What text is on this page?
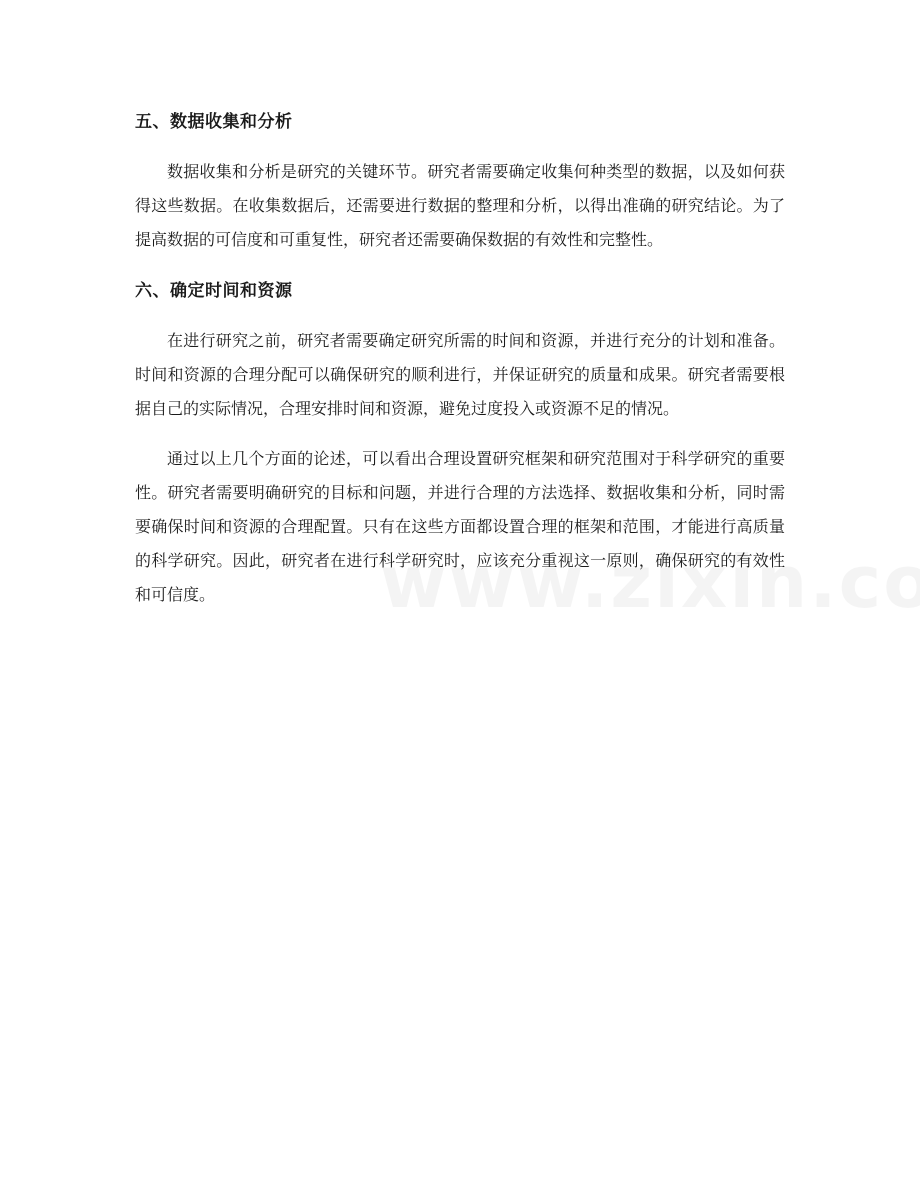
五、数据收集和分析

数据收集和分析是研究的关键环节。研究者需要确定收集何种类型的数据，以及如何获得这些数据。在收集数据后，还需要进行数据的整理和分析，以得出准确的研究结论。为了提高数据的可信度和可重复性，研究者还需要确保数据的有效性和完整性。

六、确定时间和资源

在进行研究之前，研究者需要确定研究所需的时间和资源，并进行充分的计划和准备。时间和资源的合理分配可以确保研究的顺利进行，并保证研究的质量和成果。研究者需要根据自己的实际情况，合理安排时间和资源，避免过度投入或资源不足的情况。

通过以上几个方面的论述，可以看出合理设置研究框架和研究范围对于科学研究的重要性。研究者需要明确研究的目标和问题，并进行合理的方法选择、数据收集和分析，同时需要确保时间和资源的合理配置。只有在这些方面都设置合理的框架和范围，才能进行高质量的科学研究。因此，研究者在进行科学研究时，应该充分重视这一原则，确保研究的有效性和可信度。
